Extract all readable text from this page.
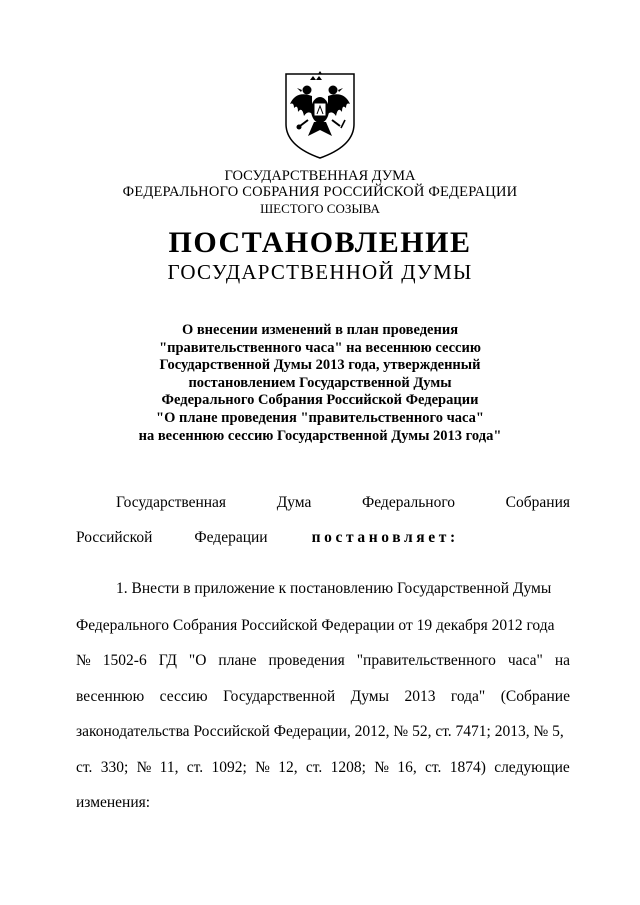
ГОСУДАРСТВЕННАЯ ДУМА
ФЕДЕРАЛЬНОГО СОБРАНИЯ РОССИЙСКОЙ ФЕДЕРАЦИИ
ШЕСТОГО СОЗЫВА
ПОСТАНОВЛЕНИЕ
ГОСУДАРСТВЕННОЙ ДУМЫ
О внесении изменений в план проведения
"правительственного часа" на весеннюю сессию
Государственной Думы 2013 года, утвержденный
постановлением Государственной Думы
Федерального Собрания Российской Федерации
"О плане проведения "правительственного часа"
на весеннюю сессию Государственной Думы 2013 года"
Государственная	Дума	Федерального	Собрания
Российской	Федерации	постановляет:
1. Внести в приложение к постановлению Государственной Думы
Федерального Собрания Российской Федерации от 19 декабря 2012 года
№ 1502-6 ГД "О плане проведения "правительственного часа" на
весеннюю сессию Государственной Думы 2013 года" (Собрание
законодательства Российской Федерации, 2012, № 52, ст. 7471; 2013, № 5,
ст. 330; № 11, ст. 1092; № 12, ст. 1208; № 16, ст. 1874) следующие
изменения:
